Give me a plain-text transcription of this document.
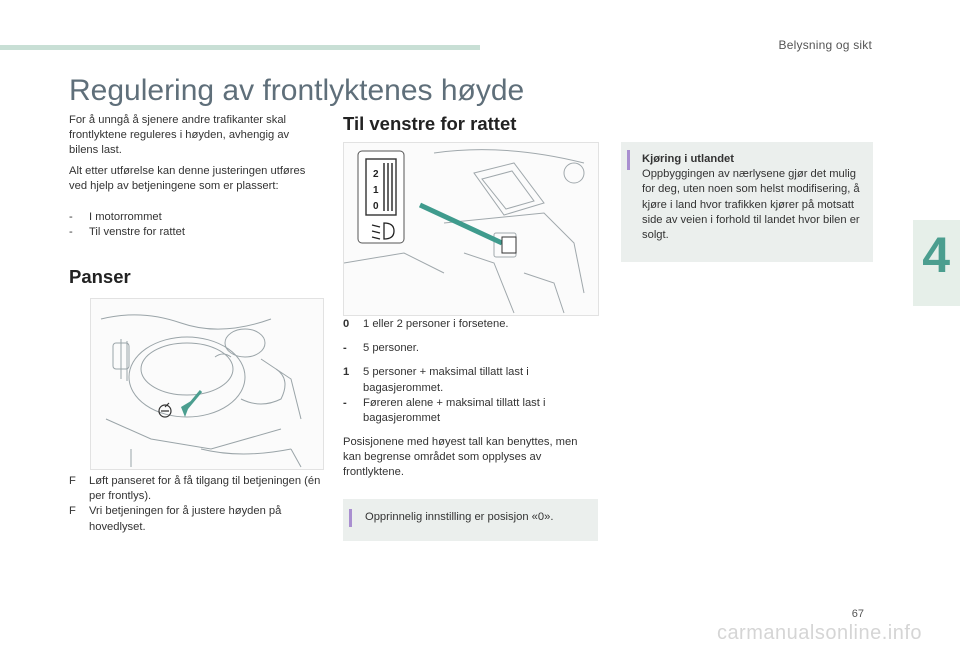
Belysning og sikt
Regulering av frontlyktenes høyde
For å unngå å sjenere andre trafikanter skal frontlyktene reguleres i høyden, avhengig av bilens last.
Alt etter utførelse kan denne justeringen utføres ved hjelp av betjeningene som er plassert:
- I motorrommet
- Til venstre for rattet
Panser
F Løft panseret for å få tilgang til betjeningen (én per frontlys).
F Vri betjeningen for å justere høyden på hovedlyset.
Til venstre for rattet
2
1
0
0 1 eller 2 personer i forsetene.
- 5 personer.
1 5 personer + maksimal tillatt last i bagasjerommet.
- Føreren alene + maksimal tillatt last i bagasjerommet
Posisjonene med høyest tall kan benyttes, men kan begrense området som opplyses av frontlyktene.
Opprinnelig innstilling er posisjon «0».
Kjøring i utlandet
Oppbyggingen av nærlysene gjør det mulig for deg, uten noen som helst modifisering, å kjøre i land hvor trafikken kjører på motsatt side av veien i forhold til landet hvor bilen er solgt.	4
67
carmanualsonline.info
